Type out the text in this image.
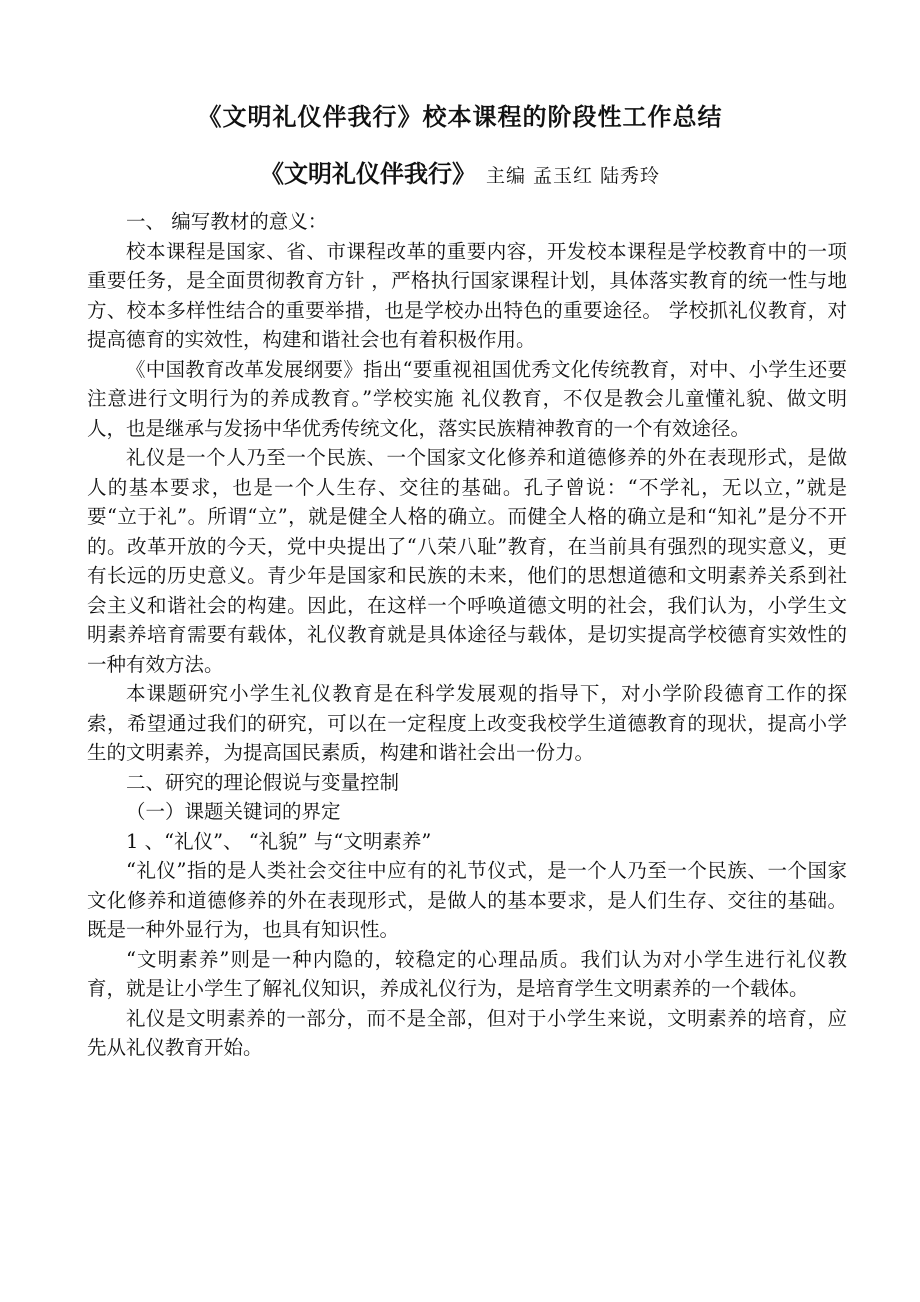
《文明礼仪伴我行》校本课程的阶段性工作总结
《文明礼仪伴我行》 主编 孟玉红 陆秀玲

一、 编写教材的意义：

校本课程是国家、省、市课程改革的重要内容，开发校本课程是学校教育中的一项重要任务，是全面贯彻教育方针 ，严格执行国家课程计划，具体落实教育的统一性与地方、校本多样性结合的重要举措，也是学校办出特色的重要途径。 学校抓礼仪教育，对提高德育的实效性，构建和谐社会也有着积极作用。

《中国教育改革发展纲要》指出“要重视祖国优秀文化传统教育，对中、小学生还要注意进行文明行为的养成教育。”学校实施 礼仪教育，不仅是教会儿童懂礼貌、做文明人，也是继承与发扬中华优秀传统文化，落实民族精神教育的一个有效途径。

礼仪是一个人乃至一个民族、一个国家文化修养和道德修养的外在表现形式，是做人的基本要求，也是一个人生存、交往的基础。孔子曾说：“不学礼，无以立，”就是要“立于礼”。所谓“立”，就是健全人格的确立。而健全人格的确立是和“知礼”是分不开的。改革开放的今天，党中央提出了“八荣八耻”教育，在当前具有强烈的现实意义，更有长远的历史意义。青少年是国家和民族的未来，他们的思想道德和文明素养关系到社会主义和谐社会的构建。因此，在这样一个呼唤道德文明的社会，我们认为，小学生文明素养培育需要有载体，礼仪教育就是具体途径与载体，是切实提高学校德育实效性的一种有效方法。

本课题研究小学生礼仪教育是在科学发展观的指导下，对小学阶段德育工作的探索，希望通过我们的研究，可以在一定程度上改变我校学生道德教育的现状，提高小学生的文明素养，为提高国民素质，构建和谐社会出一份力。

二、研究的理论假说与变量控制

（一）课题关键词的界定

1 、“礼仪”、 “礼貌” 与“文明素养”

“礼仪”指的是人类社会交往中应有的礼节仪式，是一个人乃至一个民族、一个国家文化修养和道德修养的外在表现形式，是做人的基本要求，是人们生存、交往的基础。既是一种外显行为，也具有知识性。

“文明素养”则是一种内隐的，较稳定的心理品质。我们认为对小学生进行礼仪教育，就是让小学生了解礼仪知识，养成礼仪行为，是培育学生文明素养的一个载体。

礼仪是文明素养的一部分，而不是全部，但对于小学生来说，文明素养的培育，应先从礼仪教育开始。
